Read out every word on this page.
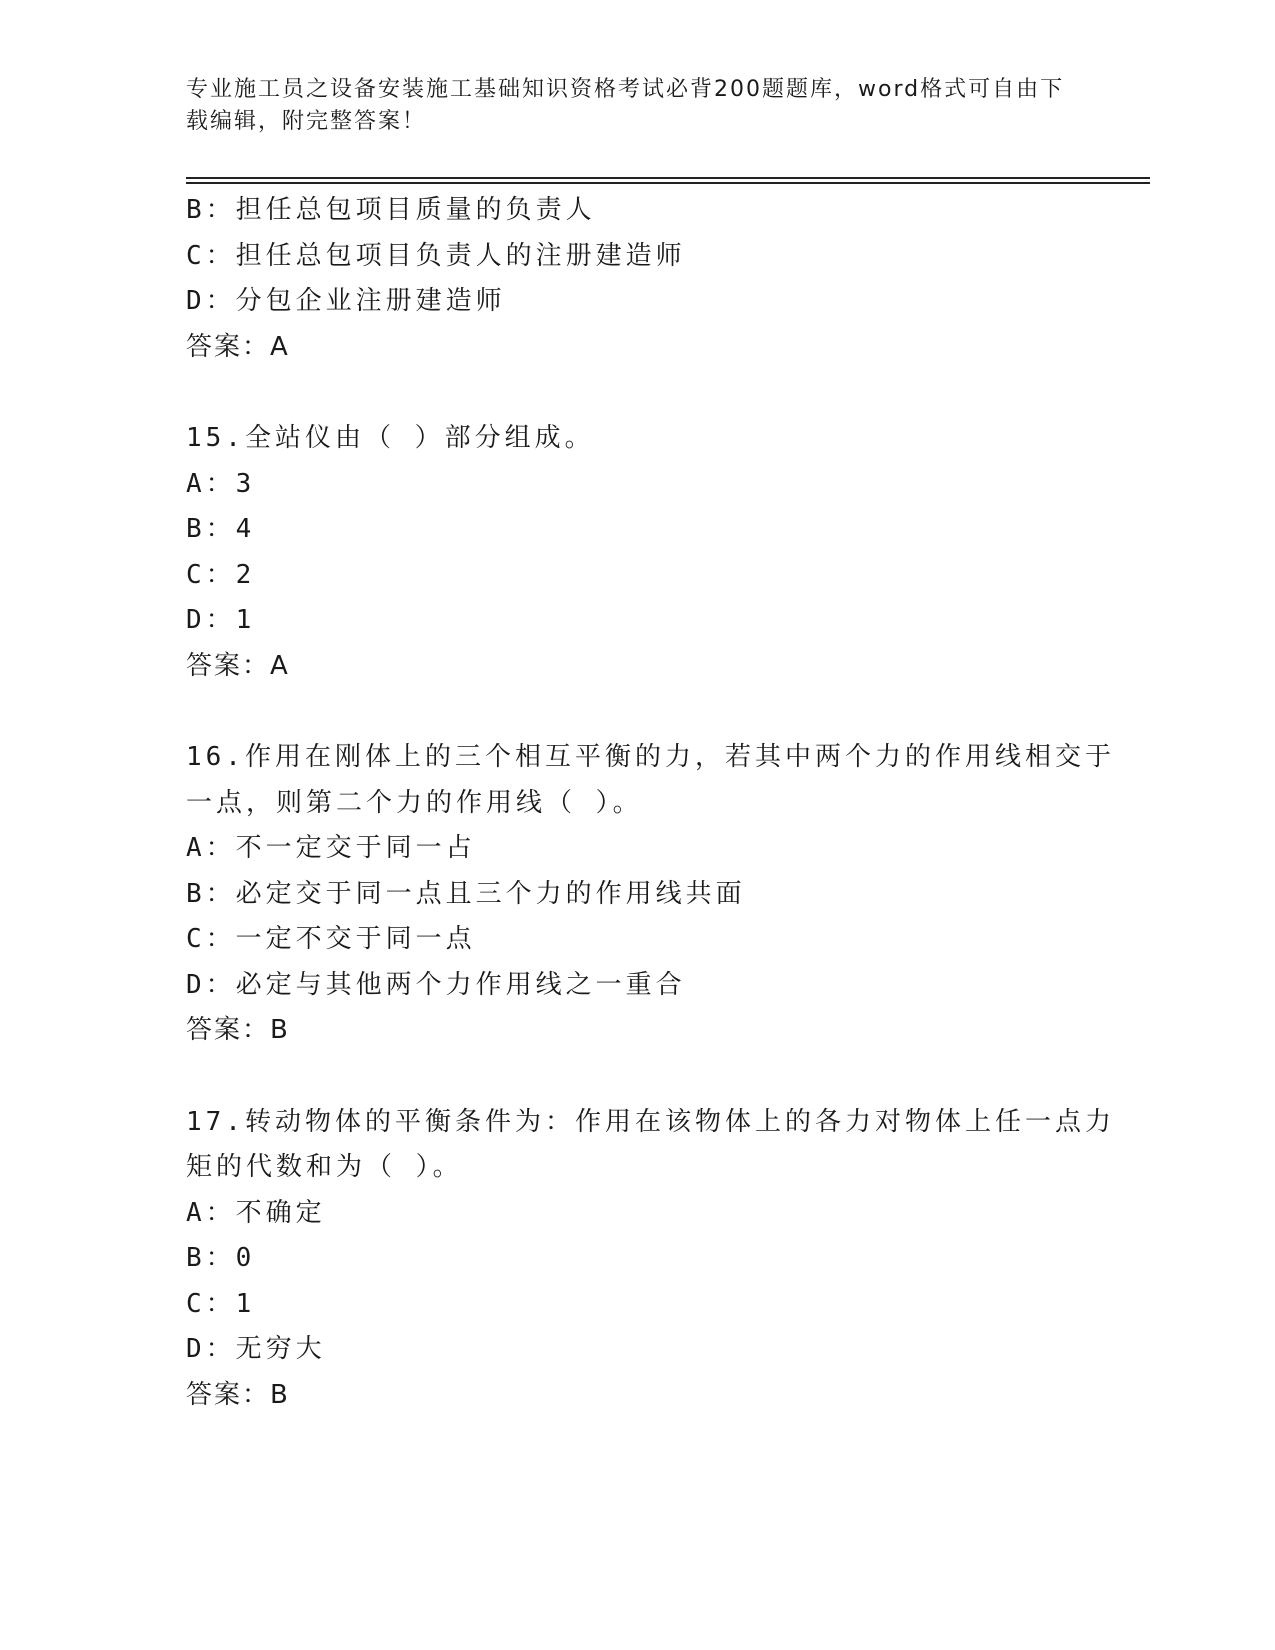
专业施工员之设备安装施工基础知识资格考试必背200题题库，word格式可自由下载编辑，附完整答案！
B：担任总包项目质量的负责人
C：担任总包项目负责人的注册建造师
D：分包企业注册建造师
答案：A
15.全站仪由（ ）部分组成。
A：3
B：4
C：2
D：1
答案：A
16.作用在刚体上的三个相互平衡的力，若其中两个力的作用线相交于
一点，则第二个力的作用线（ ）。
A：不一定交于同一占
B：必定交于同一点且三个力的作用线共面
C：一定不交于同一点
D：必定与其他两个力作用线之一重合
答案：B
17.转动物体的平衡条件为：作用在该物体上的各力对物体上任一点力
矩的代数和为（ ）。
A：不确定
B：0
C：1
D：无穷大
答案：B
